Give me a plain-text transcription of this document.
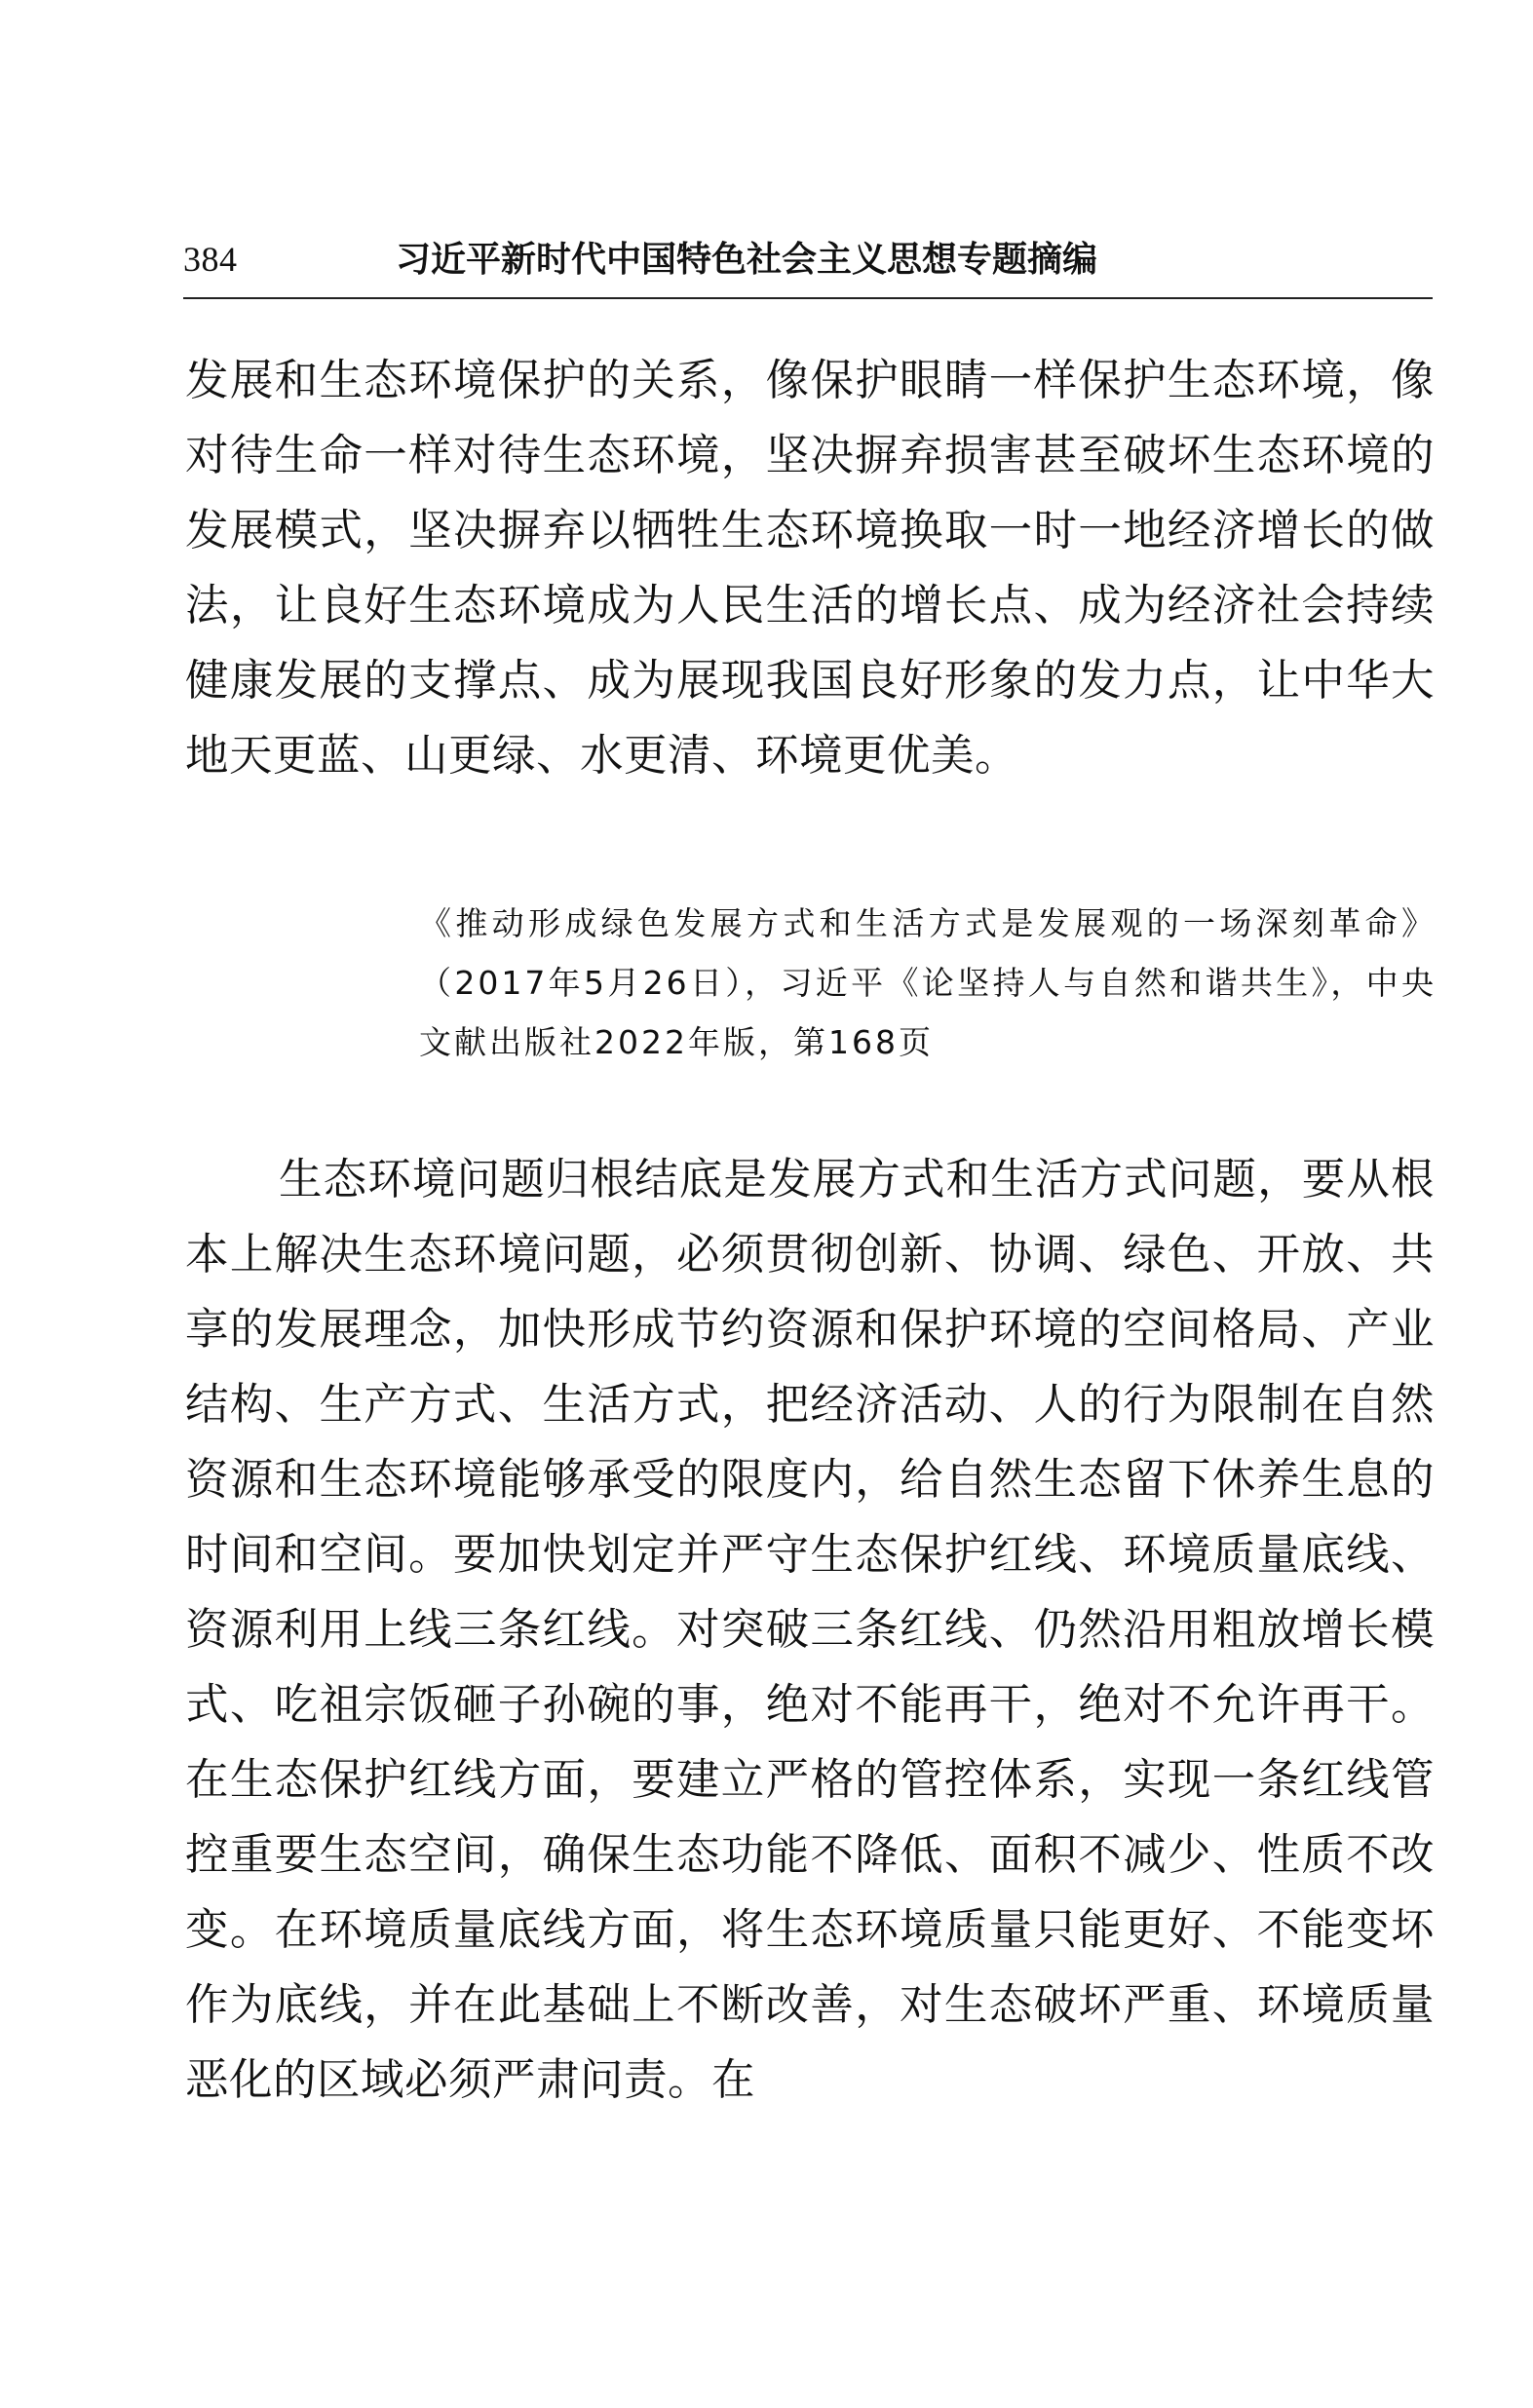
384	习近平新时代中国特色社会主义思想专题摘编

发展和生态环境保护的关系，像保护眼睛一样保护生态环境，像对待生命一样对待生态环境，坚决摒弃损害甚至破坏生态环境的发展模式，坚决摒弃以牺牲生态环境换取一时一地经济增长的做法，让良好生态环境成为人民生活的增长点、成为经济社会持续健康发展的支撑点、成为展现我国良好形象的发力点，让中华大地天更蓝、山更绿、水更清、环境更优美。

《推动形成绿色发展方式和生活方式是发展观的一场深刻革命》（2017年5月26日），习近平《论坚持人与自然和谐共生》，中央文献出版社2022年版，第168页

生态环境问题归根结底是发展方式和生活方式问题，要从根本上解决生态环境问题，必须贯彻创新、协调、绿色、开放、共享的发展理念，加快形成节约资源和保护环境的空间格局、产业结构、生产方式、生活方式，把经济活动、人的行为限制在自然资源和生态环境能够承受的限度内，给自然生态留下休养生息的时间和空间。要加快划定并严守生态保护红线、环境质量底线、资源利用上线三条红线。对突破三条红线、仍然沿用粗放增长模式、吃祖宗饭砸子孙碗的事，绝对不能再干，绝对不允许再干。在生态保护红线方面，要建立严格的管控体系，实现一条红线管控重要生态空间，确保生态功能不降低、面积不减少、性质不改变。在环境质量底线方面，将生态环境质量只能更好、不能变坏作为底线，并在此基础上不断改善，对生态破坏严重、环境质量恶化的区域必须严肃问责。在
